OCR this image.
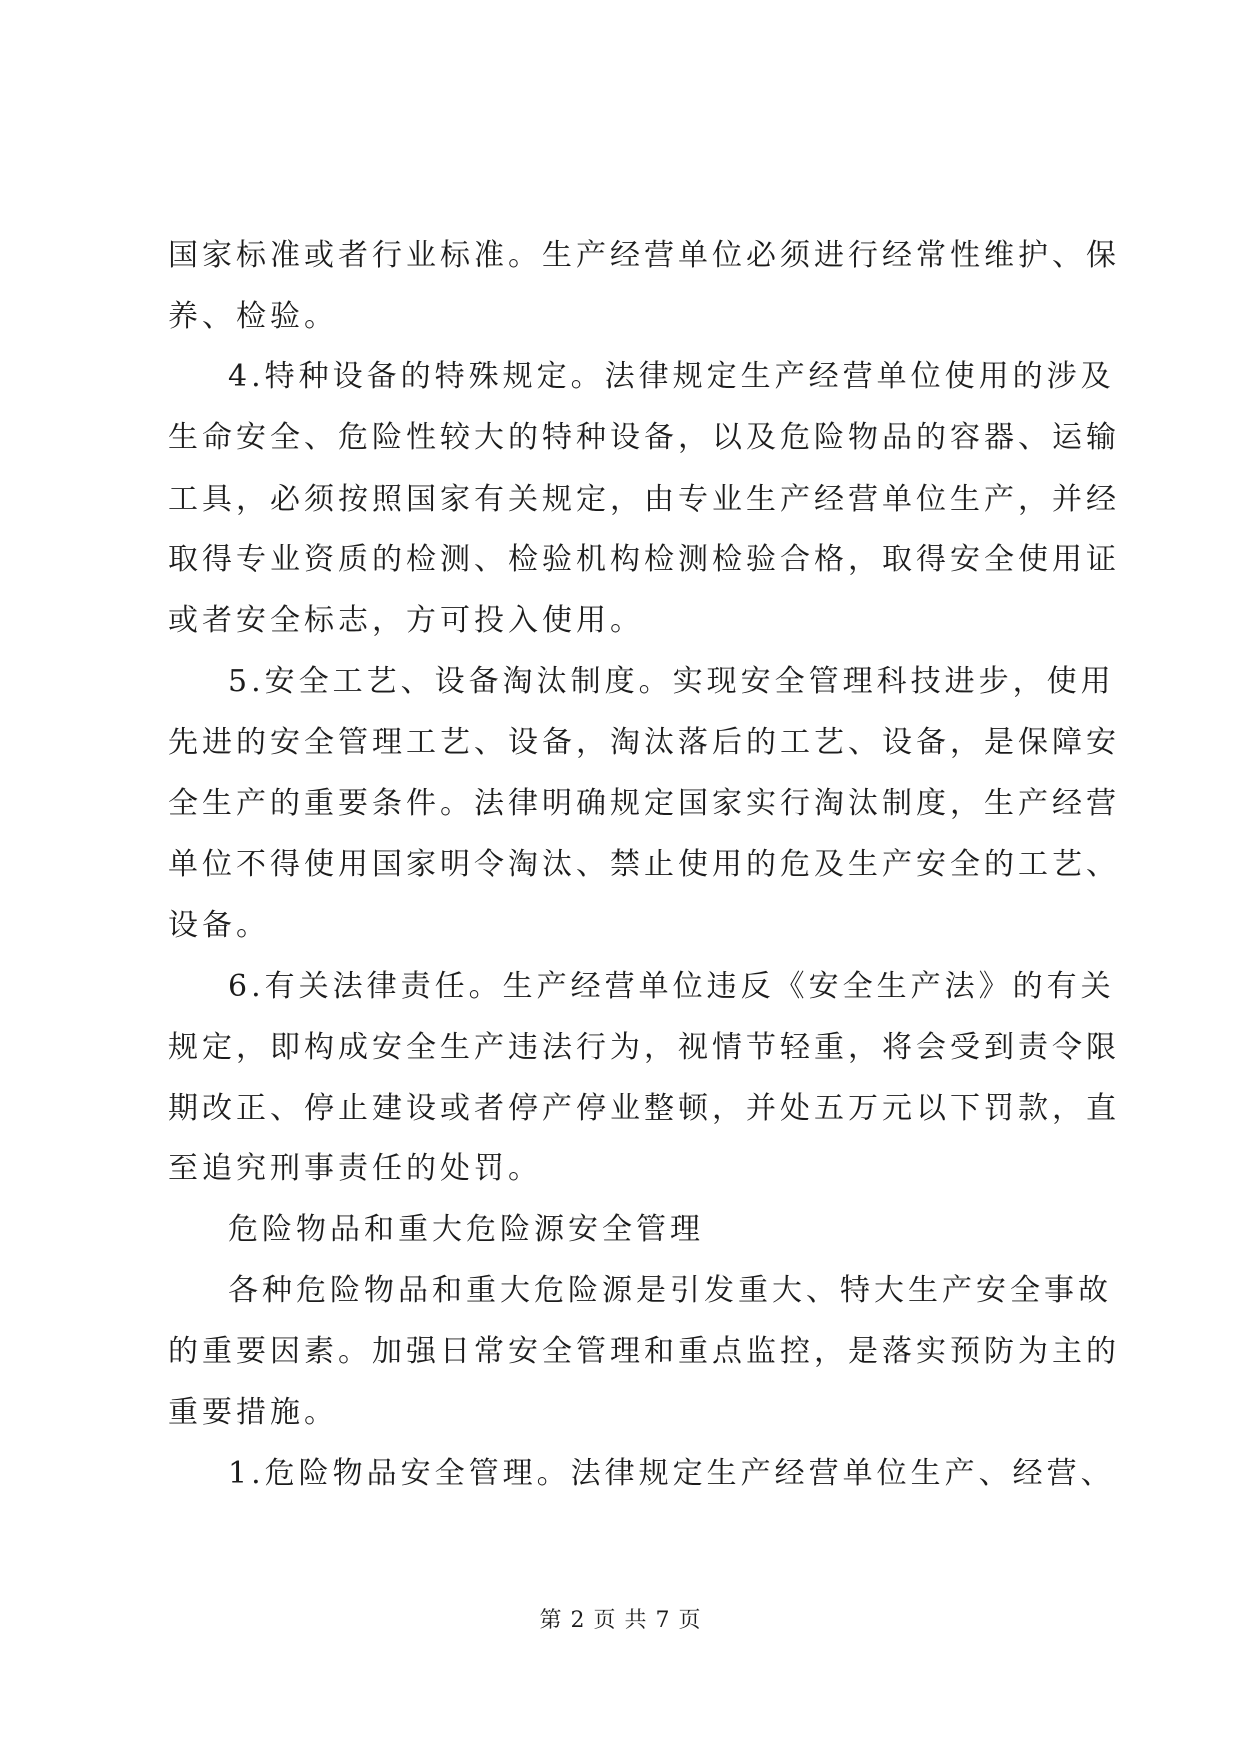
国家标准或者行业标准。生产经营单位必须进行经常性维护、保
养、检验。
4.特种设备的特殊规定。法律规定生产经营单位使用的涉及
生命安全、危险性较大的特种设备，以及危险物品的容器、运输
工具，必须按照国家有关规定，由专业生产经营单位生产，并经
取得专业资质的检测、检验机构检测检验合格，取得安全使用证
或者安全标志，方可投入使用。
5.安全工艺、设备淘汰制度。实现安全管理科技进步，使用
先进的安全管理工艺、设备，淘汰落后的工艺、设备，是保障安
全生产的重要条件。法律明确规定国家实行淘汰制度，生产经营
单位不得使用国家明令淘汰、禁止使用的危及生产安全的工艺、
设备。
6.有关法律责任。生产经营单位违反《安全生产法》的有关
规定，即构成安全生产违法行为，视情节轻重，将会受到责令限
期改正、停止建设或者停产停业整顿，并处五万元以下罚款，直
至追究刑事责任的处罚。
危险物品和重大危险源安全管理
各种危险物品和重大危险源是引发重大、特大生产安全事故
的重要因素。加强日常安全管理和重点监控，是落实预防为主的
重要措施。
1.危险物品安全管理。法律规定生产经营单位生产、经营、
第 2 页 共 7 页
